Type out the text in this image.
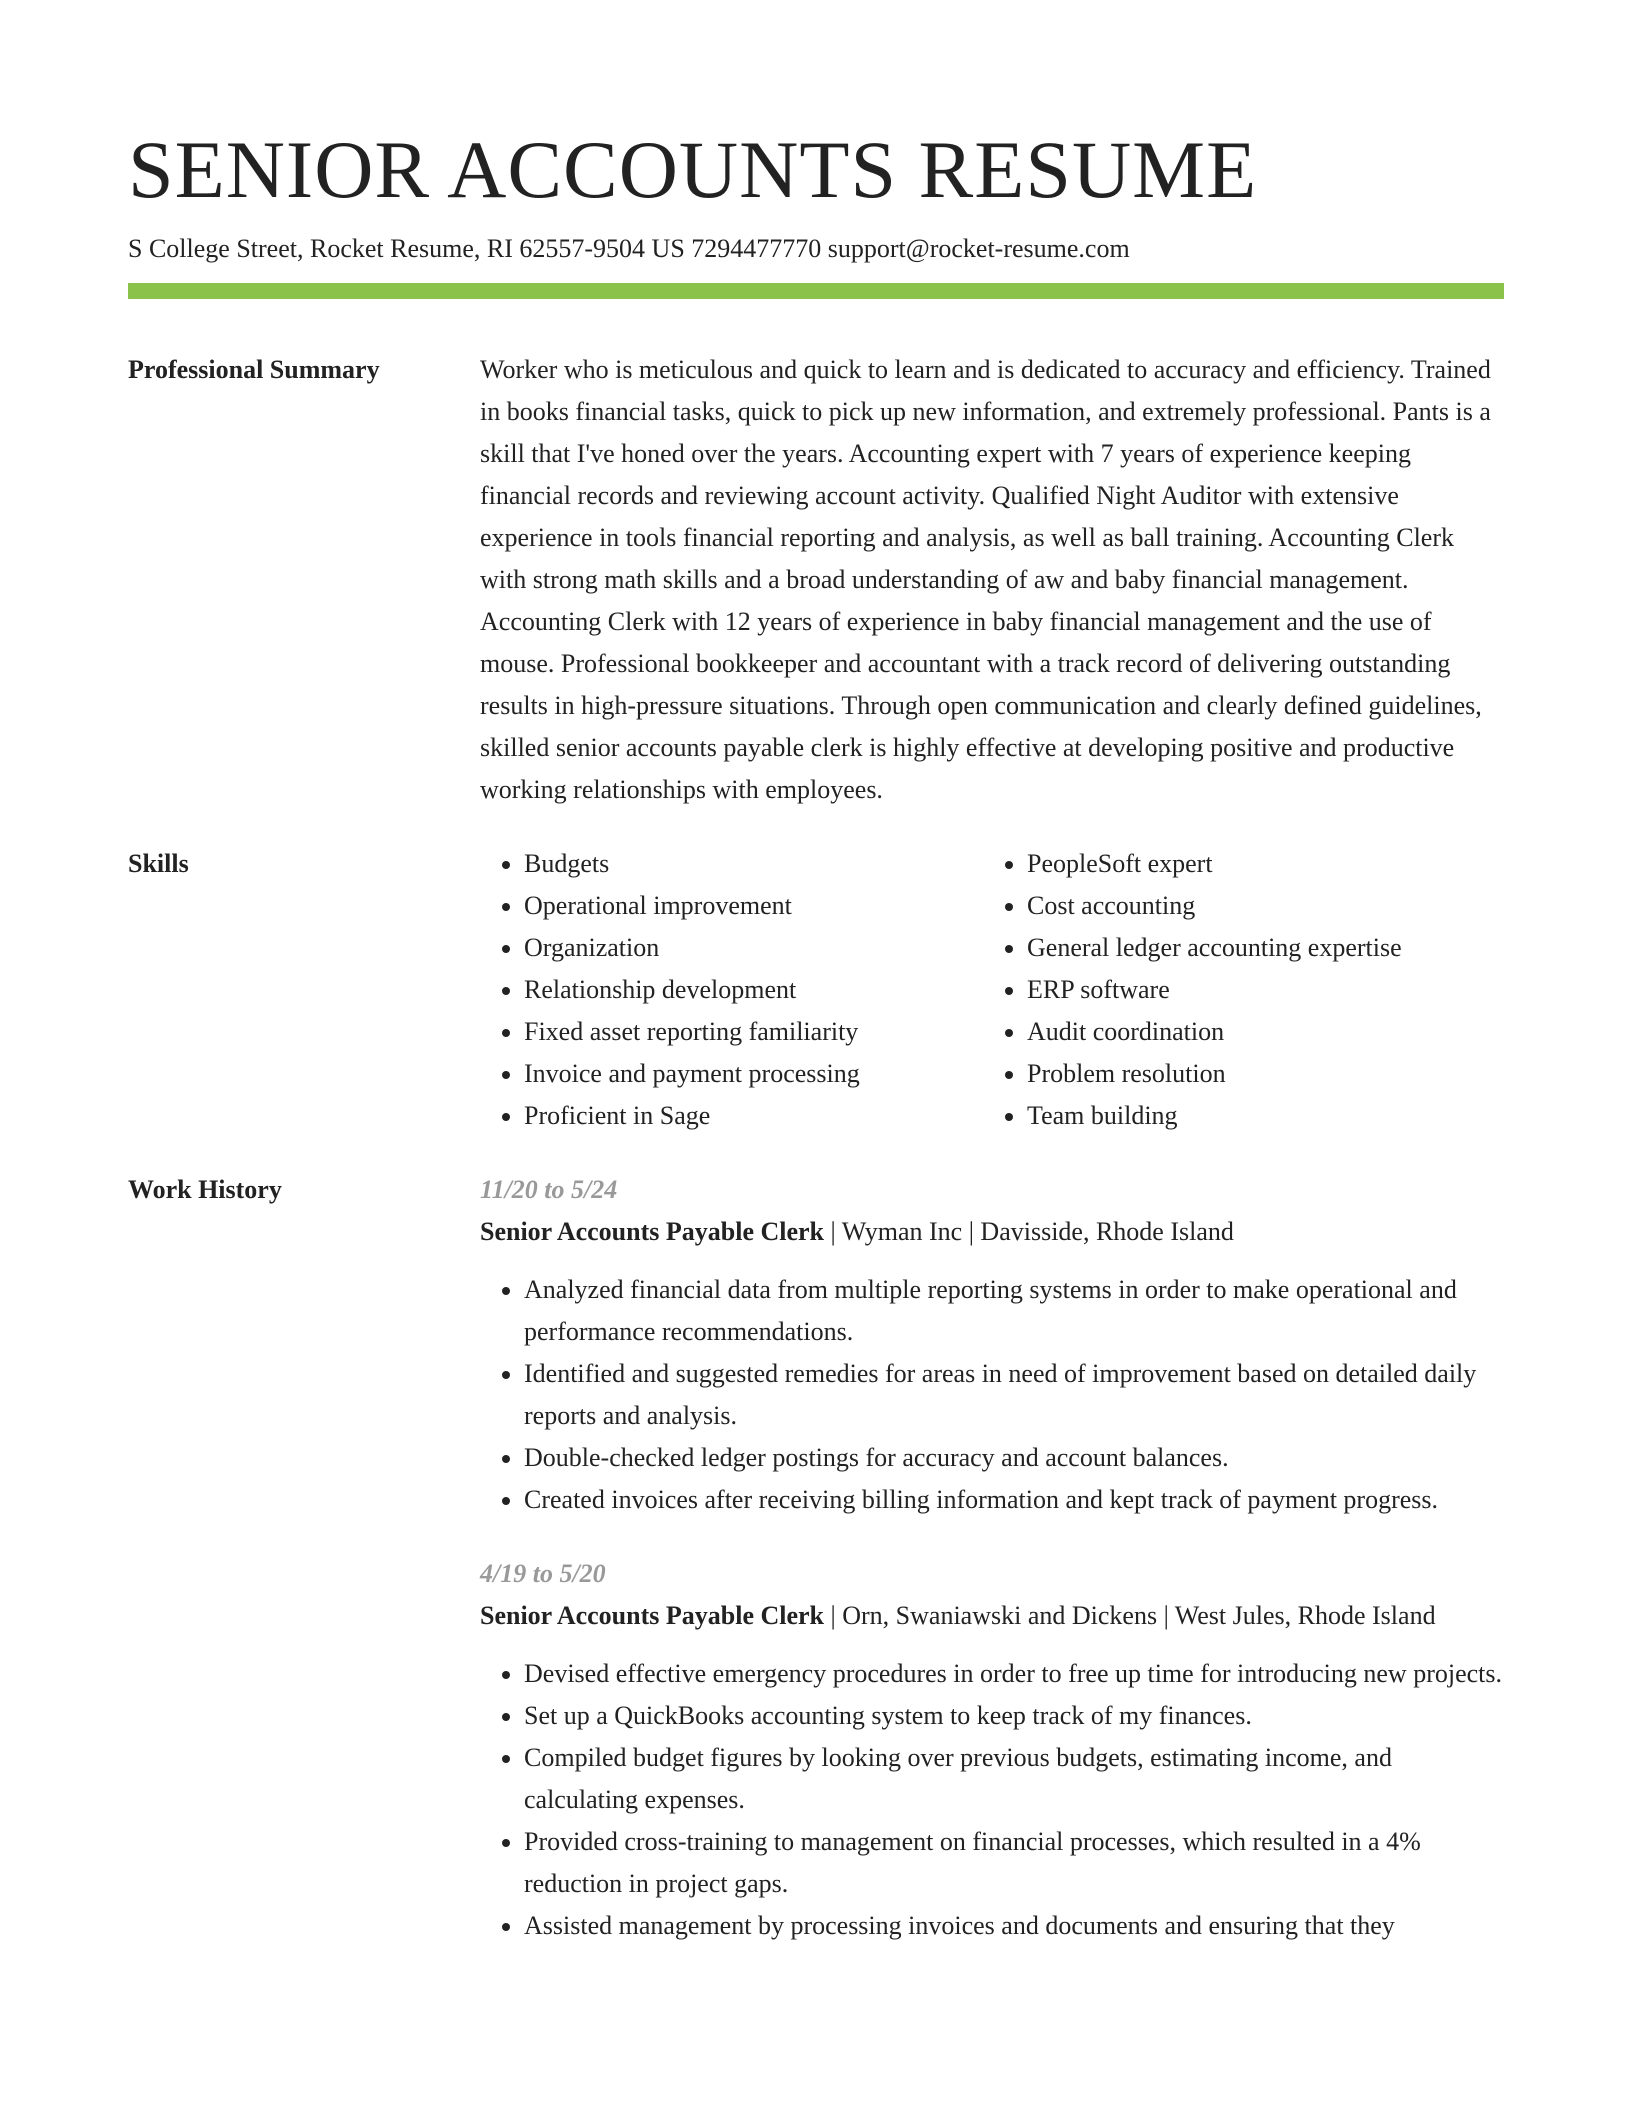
SENIOR ACCOUNTS RESUME
S College Street, Rocket Resume, RI 62557-9504 US 7294477770 support@rocket-resume.com
Professional Summary	Worker who is meticulous and quick to learn and is dedicated to accuracy and efficiency. Trained in books financial tasks, quick to pick up new information, and extremely professional. Pants is a skill that I've honed over the years. Accounting expert with 7 years of experience keeping financial records and reviewing account activity. Qualified Night Auditor with extensive experience in tools financial reporting and analysis, as well as ball training. Accounting Clerk with strong math skills and a broad understanding of aw and baby financial management. Accounting Clerk with 12 years of experience in baby financial management and the use of mouse. Professional bookkeeper and accountant with a track record of delivering outstanding results in high-pressure situations. Through open communication and clearly defined guidelines, skilled senior accounts payable clerk is highly effective at developing positive and productive working relationships with employees.

Skills
•	Budgets
• Operational improvement
• Organization
• Relationship development
• Fixed asset reporting familiarity
• Invoice and payment processing
• Proficient in Sage
• PeopleSoft expert
• Cost accounting
• General ledger accounting expertise
• ERP software
• Audit coordination
• Problem resolution
• Team building
Work History	11/20 to 5/24

Senior Accounts Payable Clerk | Wyman Inc | Davisside, Rhode Island

• Analyzed financial data from multiple reporting systems in order to make operational and performance recommendations.
• Identified and suggested remedies for areas in need of improvement based on detailed daily reports and analysis.
• Double-checked ledger postings for accuracy and account balances.
• Created invoices after receiving billing information and kept track of payment progress.
4/19 to 5/20

Senior Accounts Payable Clerk | Orn, Swaniawski and Dickens | West Jules, Rhode Island

• Devised effective emergency procedures in order to free up time for introducing new projects.
• Set up a QuickBooks accounting system to keep track of my finances.
• Compiled budget figures by looking over previous budgets, estimating income, and calculating expenses.
• Provided cross-training to management on financial processes, which resulted in a 4% reduction in project gaps.
• Assisted management by processing invoices and documents and ensuring that they
